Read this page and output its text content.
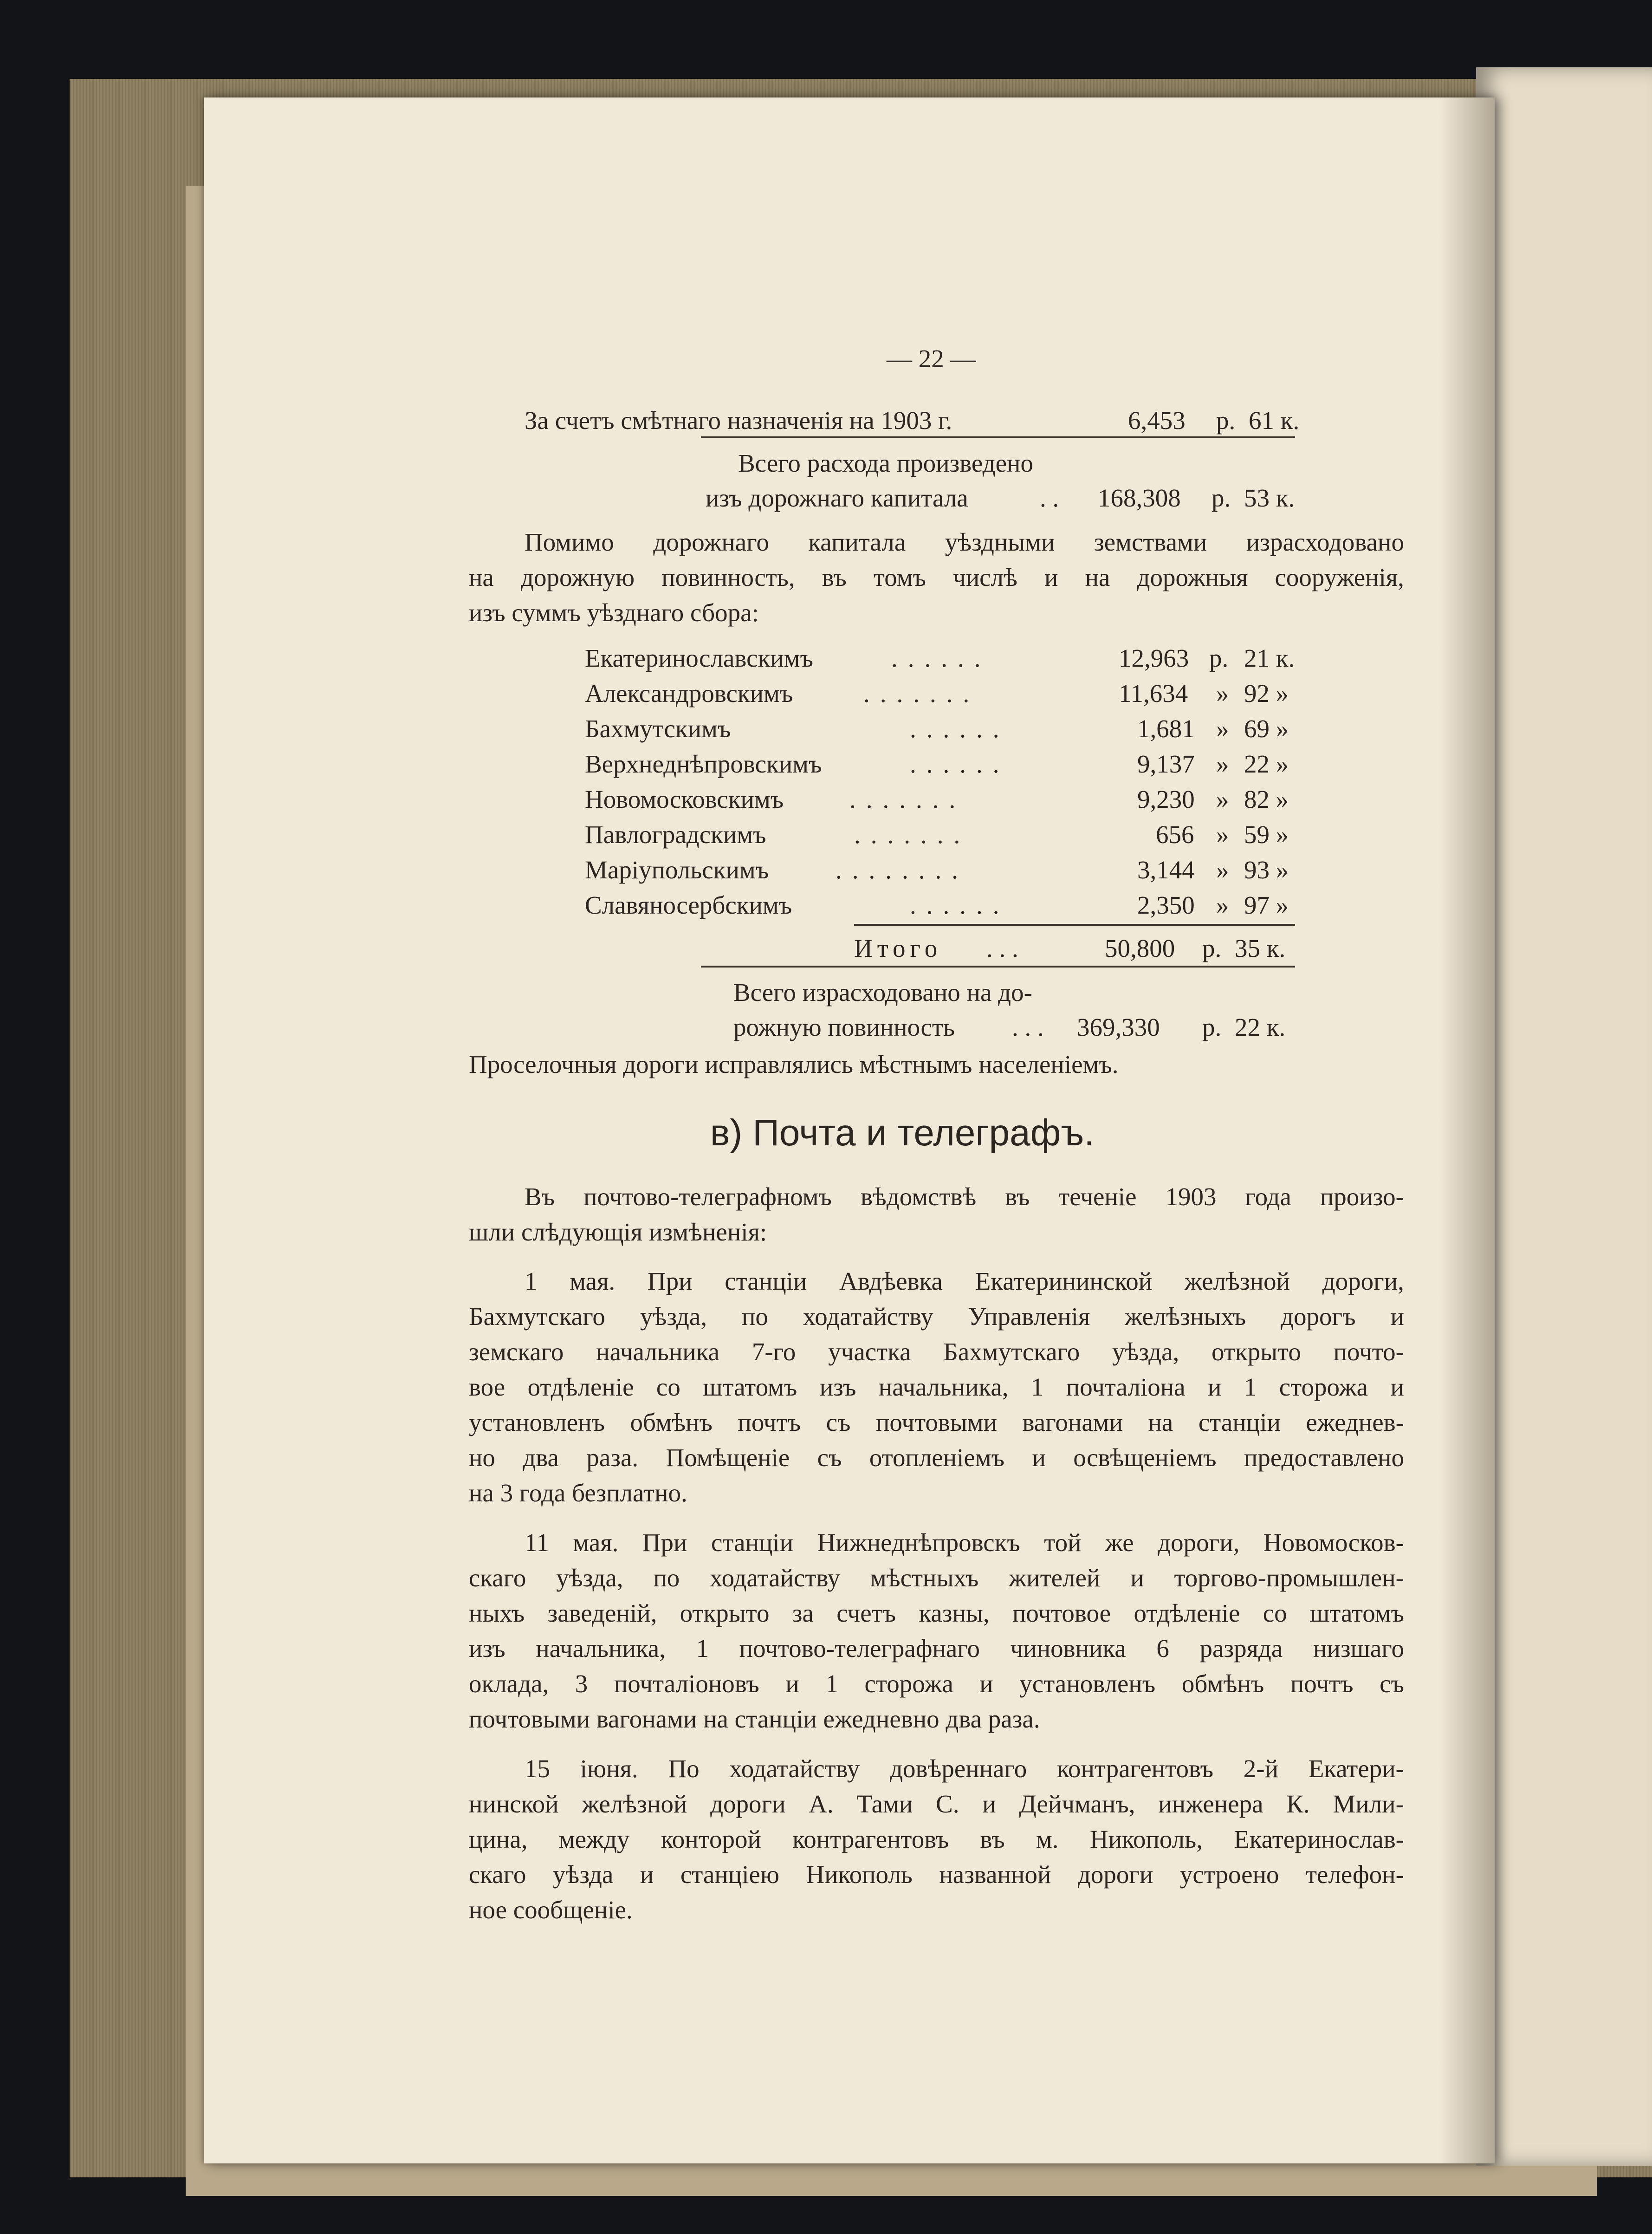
— 22 —
За счетъ смѣтнаго назначенія на 1903 г.	6,453 р. 61 к.
Всего расхода произведено
изъ дорожнаго капитала	. . 168,308 р. 53 к.
Помимо дорожнаго капитала уѣздными земствами израсходовано
на дорожную повинность, въ томъ числѣ и на дорожныя сооруженія,
изъ суммъ уѣзднаго сбора:
Екатеринославскимъ	......	12,963 р. 21 к.
Александровскимъ	.......	11,634 » 92 »
Бахмутскимъ	......	1,681 » 69 »
Верхнеднѣпровскимъ	......	9,137 » 22 »
Новомосковскимъ	.......	9,230 » 82 »
Павлоградскимъ	.......	656 » 59 »
Маріупольскимъ	........	3,144 » 93 »
Славяносербскимъ	......	2,350 » 97 »
Итого . . .	50,800 р. 35 к.
Всего израсходовано на до-
рожную повинность . . . 369,330 р. 22 к.
Проселочныя дороги исправлялись мѣстнымъ населеніемъ.
в) Почта и телеграфъ.
Въ почтово-телеграфномъ вѣдомствѣ въ теченіе 1903 года произо-
шли слѣдующія измѣненія:
1 мая. При станціи Авдѣевка Екатерининской желѣзной дороги,
Бахмутскаго уѣзда, по ходатайству Управленія желѣзныхъ дорогъ и
земскаго начальника 7-го участка Бахмутскаго уѣзда, открыто почто-
вое отдѣленіе со штатомъ изъ начальника, 1 почталіона и 1 сторожа и
установленъ обмѣнъ почтъ съ почтовыми вагонами на станціи ежеднев-
но два раза. Помѣщеніе съ отопленіемъ и освѣщеніемъ предоставлено
на 3 года безплатно.
11 мая. При станціи Нижнеднѣпровскъ той же дороги, Новомосков-
скаго уѣзда, по ходатайству мѣстныхъ жителей и торгово-промышлен-
ныхъ заведеній, открыто за счетъ казны, почтовое отдѣленіе со штатомъ
изъ начальника, 1 почтово-телеграфнаго чиновника 6 разряда низшаго
оклада, 3 почталіоновъ и 1 сторожа и установленъ обмѣнъ почтъ съ
почтовыми вагонами на станціи ежедневно два раза.
15 іюня. По ходатайству довѣреннаго контрагентовъ 2-й Екатери-
нинской желѣзной дороги А. Тами С. и Дейчманъ, инженера К. Мили-
цина, между конторой контрагентовъ въ м. Никополь, Екатеринослав-
скаго уѣзда и станціею Никополь названной дороги устроено телефон-
ное сообщеніе.
